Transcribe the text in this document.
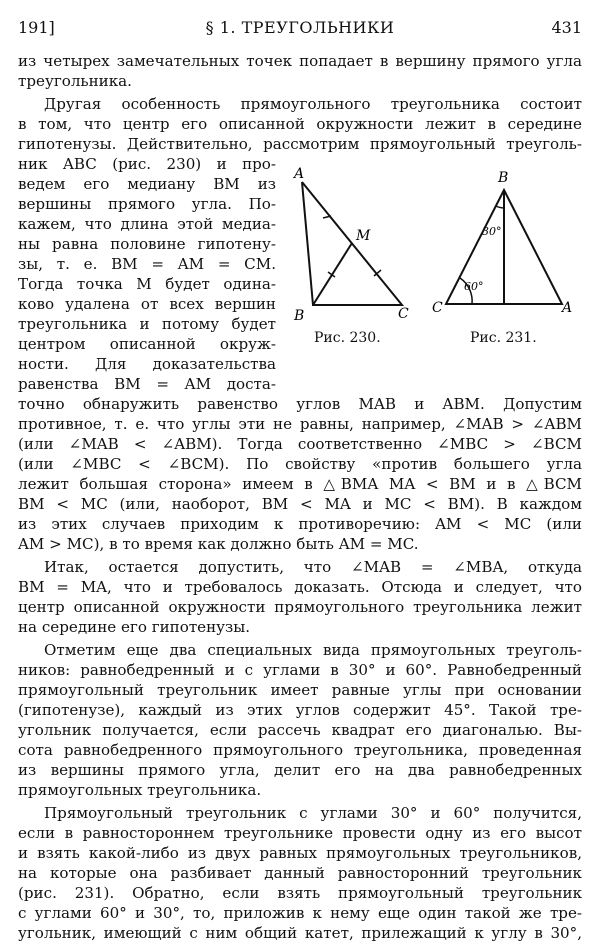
191]	§ 1. ТРЕУГОЛЬНИКИ	431
из четырех замечательных точек попадает в вершину прямого угла
треугольника.
Другая особенность прямоугольного треугольника состоит
в том, что центр его описанной окружности лежит в середине
гипотенузы. Действительно, рассмотрим прямоугольный треуголь-
ник ABC (рис. 230) и про-
ведем его медиану BM из
вершины прямого угла. По-
кажем, что длина этой медиа-
ны равна половине гипотену-
зы, т. е. BM = AM = CM.
Тогда точка M будет одина-
ково удалена от всех вершин
треугольника и потому будет
центром описанной окруж-
ности. Для доказательства
равенства BM = AM доста-
точно обнаружить равенство углов MAB и ABM. Допустим
противное, т. е. что углы эти не равны, например, ∠MAB > ∠ABM
(или ∠MAB < ∠ABM). Тогда соответственно ∠MBC > ∠BCM
(или ∠MBC < ∠BCM). По свойству «против большего угла
лежит большая сторона» имеем в △BMA MA < BM и в △BCM
BM < MC (или, наоборот, BM < MA и MC < BM). В каждом
из этих случаев приходим к противоречию: AM < MC (или
AM > MC), в то время как должно быть AM = MC.
Итак, остается допустить, что ∠MAB = ∠MBA, откуда
BM = MA, что и требовалось доказать. Отсюда и следует, что
центр описанной окружности прямоугольного треугольника лежит
на середине его гипотенузы.
Отметим еще два специальных вида прямоугольных треуголь-
ников: равнобедренный и с углами в 30° и 60°. Равнобедренный
прямоугольный треугольник имеет равные углы при основании
(гипотенузе), каждый из этих углов содержит 45°. Такой тре-
угольник получается, если рассечь квадрат его диагональю. Вы-
сота равнобедренного прямоугольного треугольника, проведенная
из вершины прямого угла, делит его на два равнобедренных
прямоугольных треугольника.
Прямоугольный треугольник с углами 30° и 60° получится,
если в равностороннем треугольнике провести одну из его высот
и взять какой-либо из двух равных прямоугольных треугольников,
на которые она разбивает данный равносторонний треугольник
(рис. 231). Обратно, если взять прямоугольный треугольник
с углами 60° и 30°, то, приложив к нему еще один такой же тре-
угольник, имеющий с ним общий катет, прилежащий к углу в 30°,
A
M
B	C
B
C	A
30°
60°
Рис. 230.	Рис. 231.
